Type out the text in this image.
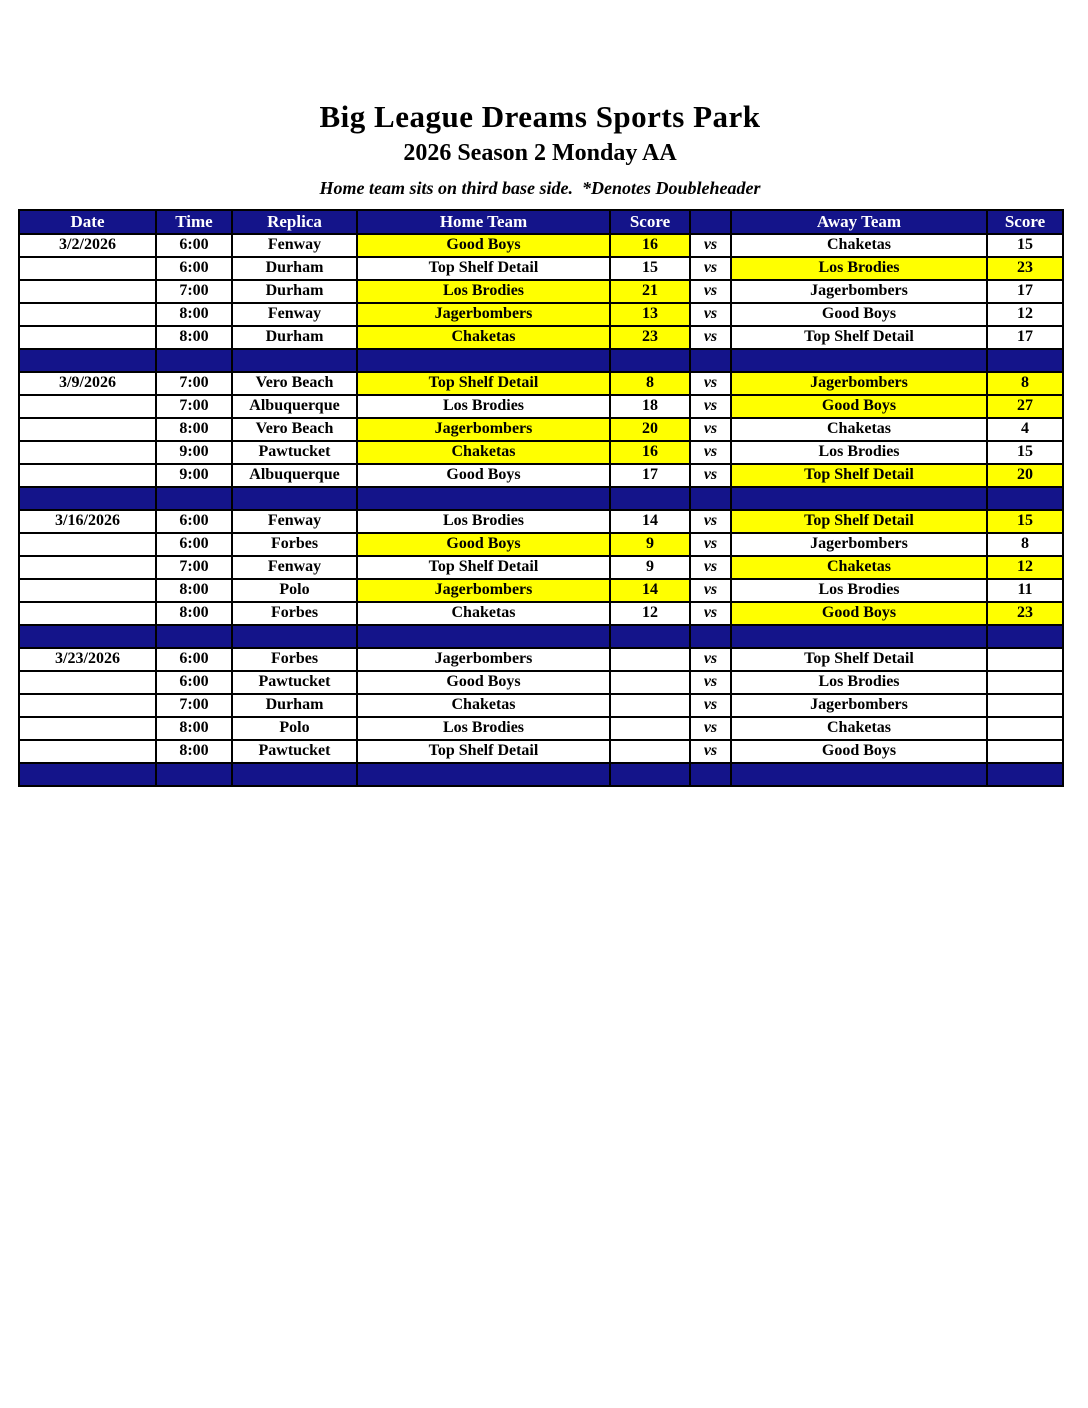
Big League Dreams Sports Park
2026 Season 2 Monday AA
Home team sits on third base side.  *Denotes Doubleheader
Date	Time	Replica	Home Team	Score		Away Team	Score
3/2/2026	6:00	Fenway	Good Boys	16	vs	Chaketas	15
	6:00	Durham	Top Shelf Detail	15	vs	Los Brodies	23
	7:00	Durham	Los Brodies	21	vs	Jagerbombers	17
	8:00	Fenway	Jagerbombers	13	vs	Good Boys	12
	8:00	Durham	Chaketas	23	vs	Top Shelf Detail	17

3/9/2026	7:00	Vero Beach	Top Shelf Detail	8	vs	Jagerbombers	8
	7:00	Albuquerque	Los Brodies	18	vs	Good Boys	27
	8:00	Vero Beach	Jagerbombers	20	vs	Chaketas	4
	9:00	Pawtucket	Chaketas	16	vs	Los Brodies	15
	9:00	Albuquerque	Good Boys	17	vs	Top Shelf Detail	20

3/16/2026	6:00	Fenway	Los Brodies	14	vs	Top Shelf Detail	15
	6:00	Forbes	Good Boys	9	vs	Jagerbombers	8
	7:00	Fenway	Top Shelf Detail	9	vs	Chaketas	12
	8:00	Polo	Jagerbombers	14	vs	Los Brodies	11
	8:00	Forbes	Chaketas	12	vs	Good Boys	23

3/23/2026	6:00	Forbes	Jagerbombers		vs	Top Shelf Detail	
	6:00	Pawtucket	Good Boys		vs	Los Brodies	
	7:00	Durham	Chaketas		vs	Jagerbombers	
	8:00	Polo	Los Brodies		vs	Chaketas	
	8:00	Pawtucket	Top Shelf Detail		vs	Good Boys	
